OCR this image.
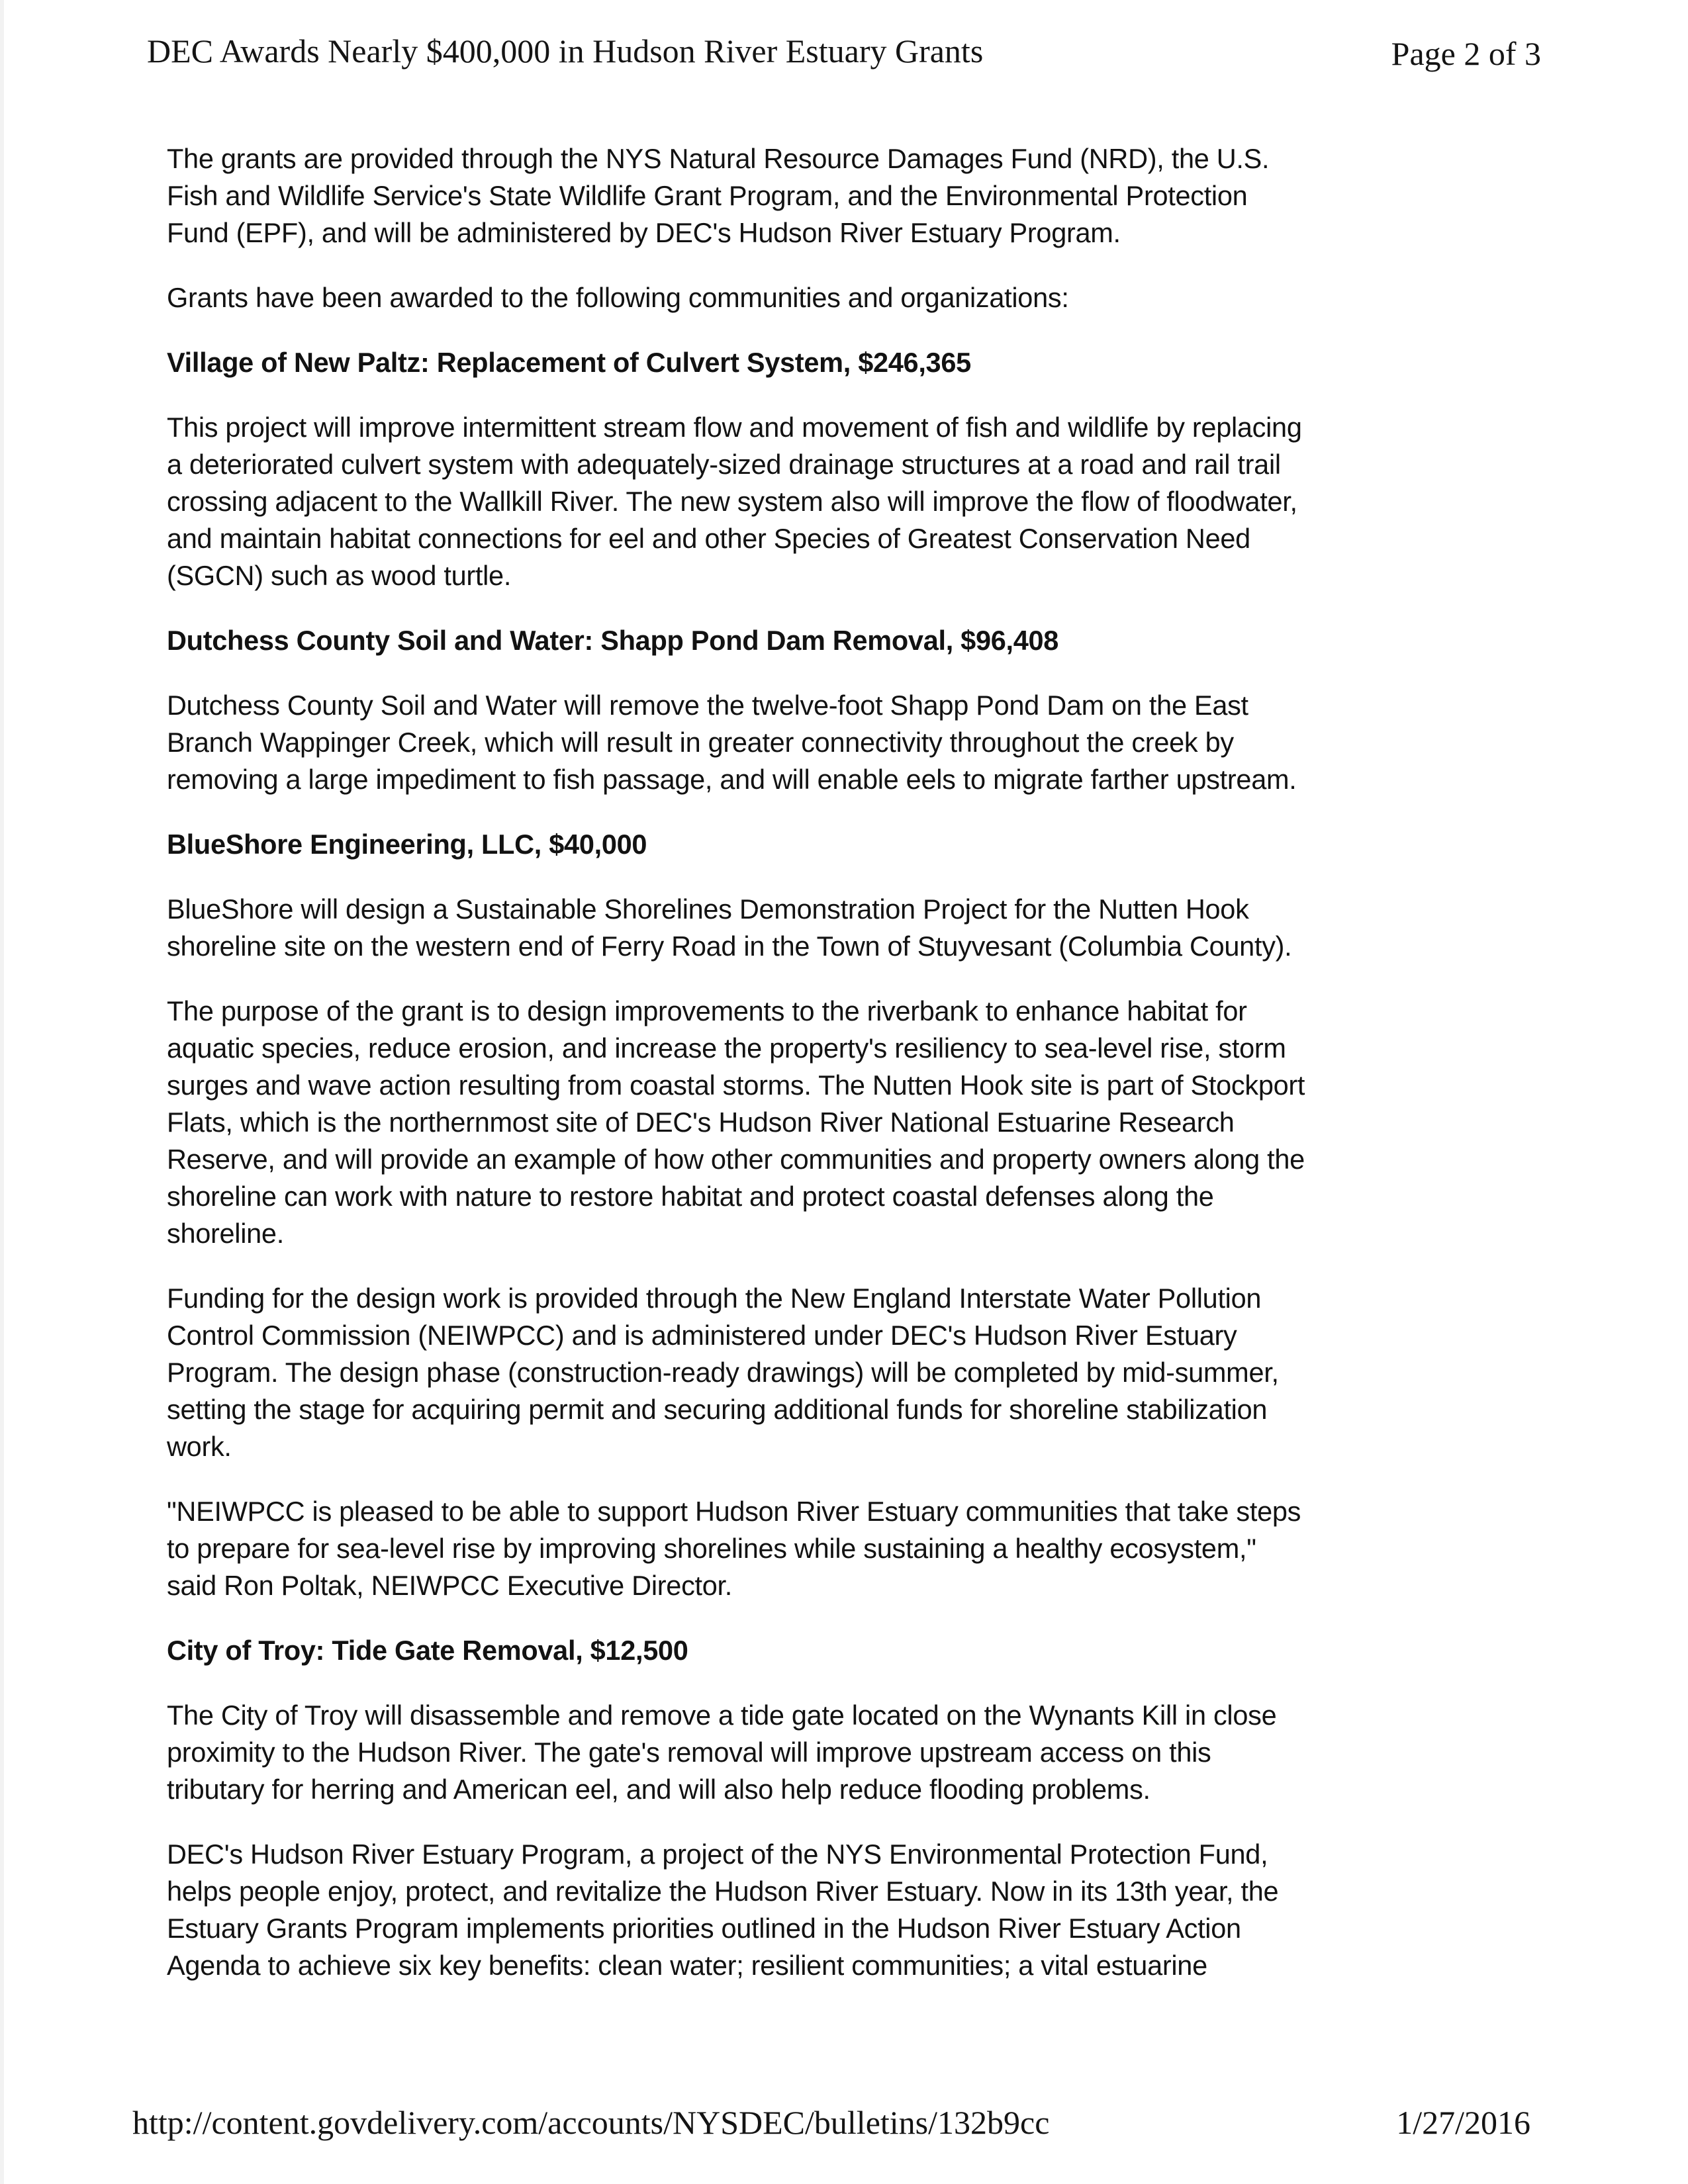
DEC Awards Nearly $400,000 in Hudson River Estuary Grants	Page 2 of 3

The grants are provided through the NYS Natural Resource Damages Fund (NRD), the U.S.
Fish and Wildlife Service's State Wildlife Grant Program, and the Environmental Protection
Fund (EPF), and will be administered by DEC's Hudson River Estuary Program.

Grants have been awarded to the following communities and organizations:

Village of New Paltz: Replacement of Culvert System, $246,365

This project will improve intermittent stream flow and movement of fish and wildlife by replacing
a deteriorated culvert system with adequately-sized drainage structures at a road and rail trail
crossing adjacent to the Wallkill River. The new system also will improve the flow of floodwater,
and maintain habitat connections for eel and other Species of Greatest Conservation Need
(SGCN) such as wood turtle.

Dutchess County Soil and Water: Shapp Pond Dam Removal, $96,408

Dutchess County Soil and Water will remove the twelve-foot Shapp Pond Dam on the East
Branch Wappinger Creek, which will result in greater connectivity throughout the creek by
removing a large impediment to fish passage, and will enable eels to migrate farther upstream.

BlueShore Engineering, LLC, $40,000

BlueShore will design a Sustainable Shorelines Demonstration Project for the Nutten Hook
shoreline site on the western end of Ferry Road in the Town of Stuyvesant (Columbia County).

The purpose of the grant is to design improvements to the riverbank to enhance habitat for
aquatic species, reduce erosion, and increase the property's resiliency to sea-level rise, storm
surges and wave action resulting from coastal storms. The Nutten Hook site is part of Stockport
Flats, which is the northernmost site of DEC's Hudson River National Estuarine Research
Reserve, and will provide an example of how other communities and property owners along the
shoreline can work with nature to restore habitat and protect coastal defenses along the
shoreline.

Funding for the design work is provided through the New England Interstate Water Pollution
Control Commission (NEIWPCC) and is administered under DEC's Hudson River Estuary
Program. The design phase (construction-ready drawings) will be completed by mid-summer,
setting the stage for acquiring permit and securing additional funds for shoreline stabilization
work.

"NEIWPCC is pleased to be able to support Hudson River Estuary communities that take steps
to prepare for sea-level rise by improving shorelines while sustaining a healthy ecosystem,"
said Ron Poltak, NEIWPCC Executive Director.

City of Troy: Tide Gate Removal, $12,500

The City of Troy will disassemble and remove a tide gate located on the Wynants Kill in close
proximity to the Hudson River. The gate's removal will improve upstream access on this
tributary for herring and American eel, and will also help reduce flooding problems.

DEC's Hudson River Estuary Program, a project of the NYS Environmental Protection Fund,
helps people enjoy, protect, and revitalize the Hudson River Estuary. Now in its 13th year, the
Estuary Grants Program implements priorities outlined in the Hudson River Estuary Action
Agenda to achieve six key benefits: clean water; resilient communities; a vital estuarine

http://content.govdelivery.com/accounts/NYSDEC/bulletins/132b9cc	1/27/2016
